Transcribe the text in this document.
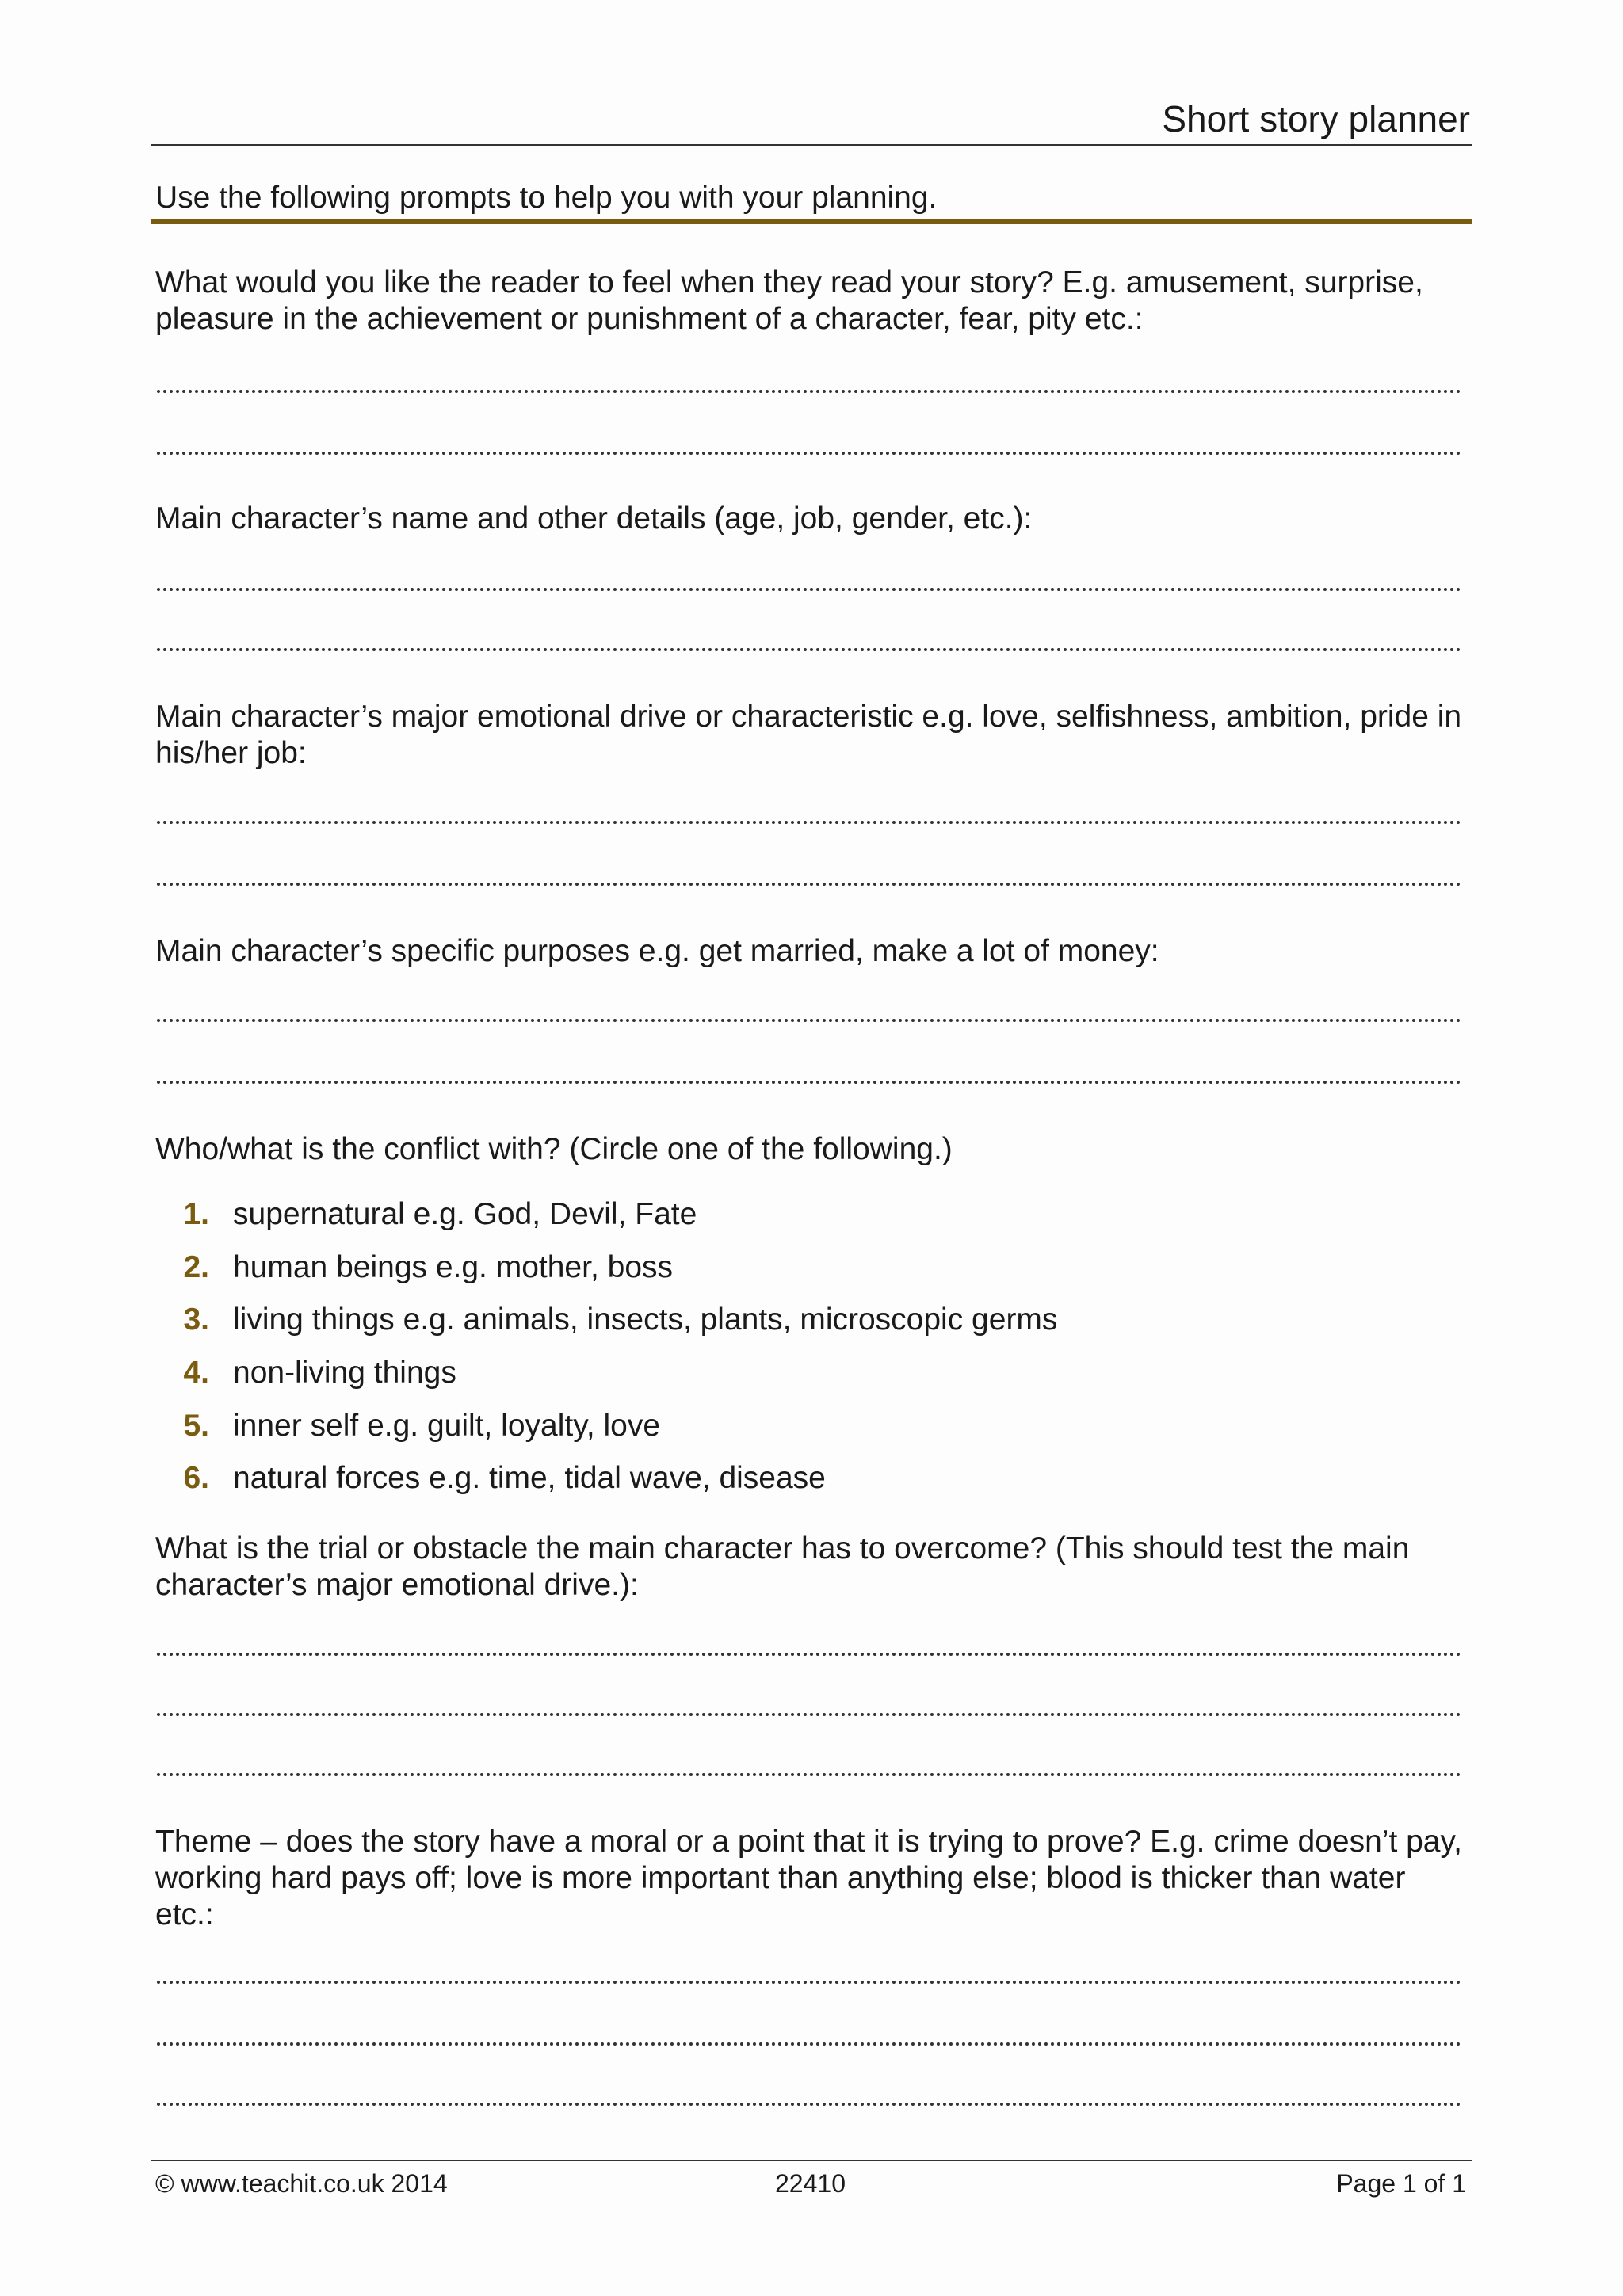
Short story planner
Use the following prompts to help you with your planning.
What would you like the reader to feel when they read your story? E.g. amusement, surprise, pleasure in the achievement or punishment of a character, fear, pity etc.:
Main character’s name and other details (age, job, gender, etc.):
Main character’s major emotional drive or characteristic e.g. love, selfishness, ambition, pride in his/her job:
Main character’s specific purposes e.g. get married, make a lot of money:
Who/what is the conflict with? (Circle one of the following.)
1. supernatural e.g. God, Devil, Fate
2. human beings e.g. mother, boss
3. living things e.g. animals, insects, plants, microscopic germs
4. non-living things
5. inner self e.g. guilt, loyalty, love
6. natural forces e.g. time, tidal wave, disease
What is the trial or obstacle the main character has to overcome? (This should test the main character’s major emotional drive.):
Theme – does the story have a moral or a point that it is trying to prove? E.g. crime doesn’t pay, working hard pays off; love is more important than anything else; blood is thicker than water etc.:
© www.teachit.co.uk 2014	22410	Page 1 of 1
